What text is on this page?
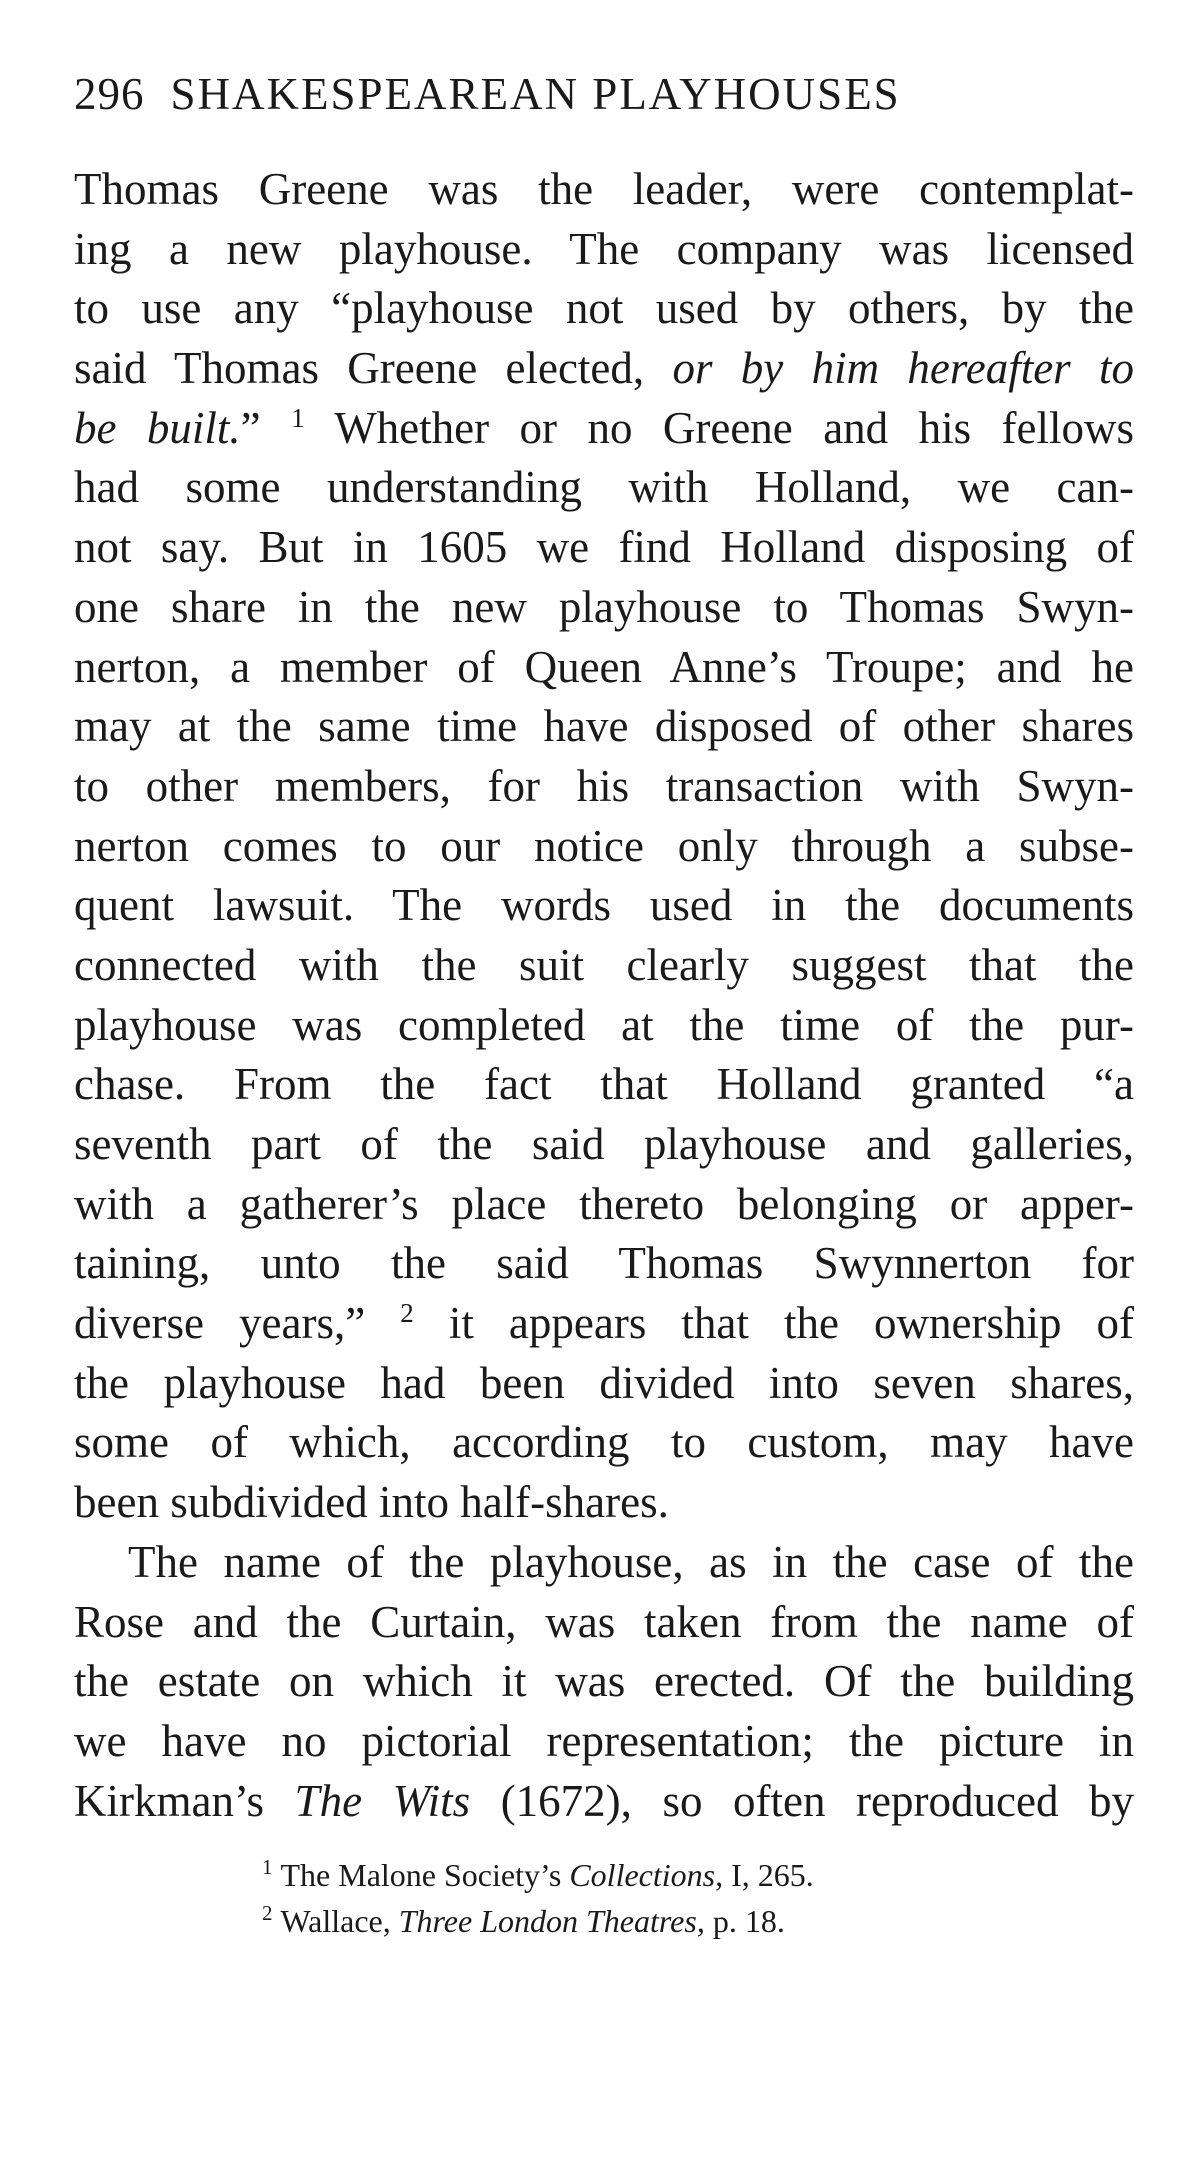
296 SHAKESPEAREAN PLAYHOUSES
Thomas Greene was the leader, were contemplat-
ing a new playhouse. The company was licensed
to use any “playhouse not used by others, by the
said Thomas Greene elected, or by him hereafter to
be built.” $^1$ Whether or no Greene and his fellows
had some understanding with Holland, we can-
not say. But in 1605 we find Holland disposing of
one share in the new playhouse to Thomas Swyn-
nerton, a member of Queen Anne’s Troupe; and he
may at the same time have disposed of other shares
to other members, for his transaction with Swyn-
nerton comes to our notice only through a subse-
quent lawsuit. The words used in the documents
connected with the suit clearly suggest that the
playhouse was completed at the time of the pur-
chase. From the fact that Holland granted “a
seventh part of the said playhouse and galleries,
with a gatherer’s place thereto belonging or apper-
taining, unto the said Thomas Swynnerton for
diverse years,” $^2$ it appears that the ownership of
the playhouse had been divided into seven shares,
some of which, according to custom, may have
been subdivided into half-shares.
The name of the playhouse, as in the case of the
Rose and the Curtain, was taken from the name of
the estate on which it was erected. Of the building
we have no pictorial representation; the picture in
Kirkman’s The Wits (1672), so often reproduced by
$^1$ The Malone Society’s Collections, I, 265.
$^2$ Wallace, Three London Theatres, p. 18.
